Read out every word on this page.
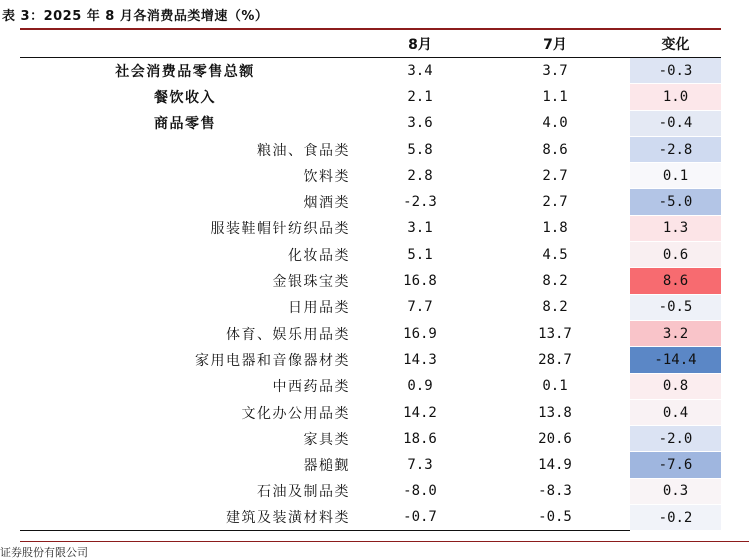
表 3：2025 年 8 月各消费品类增速（%）
	8月	7月	变化
社会消费品零售总额	3.4	3.7	-0.3
餐饮收入	2.1	1.1	1.0
商品零售	3.6	4.0	-0.4
粮油、食品类	5.8	8.6	-2.8
饮料类	2.8	2.7	0.1
烟酒类	-2.3	2.7	-5.0
服装鞋帽针纺织品类	3.1	1.8	1.3
化妆品类	5.1	4.5	0.6
金银珠宝类	16.8	8.2	8.6
日用品类	7.7	8.2	-0.5
体育、娱乐用品类	16.9	13.7	3.2
家用电器和音像器材类	14.3	28.7	-14.4
中西药品类	0.9	0.1	0.8
文化办公用品类	14.2	13.8	0.4
家具类	18.6	20.6	-2.0
器槌觐	7.3	14.9	-7.6
石油及制品类	-8.0	-8.3	0.3
建筑及装潢材料类	-0.7	-0.5	-0.2
证券股份有限公司
